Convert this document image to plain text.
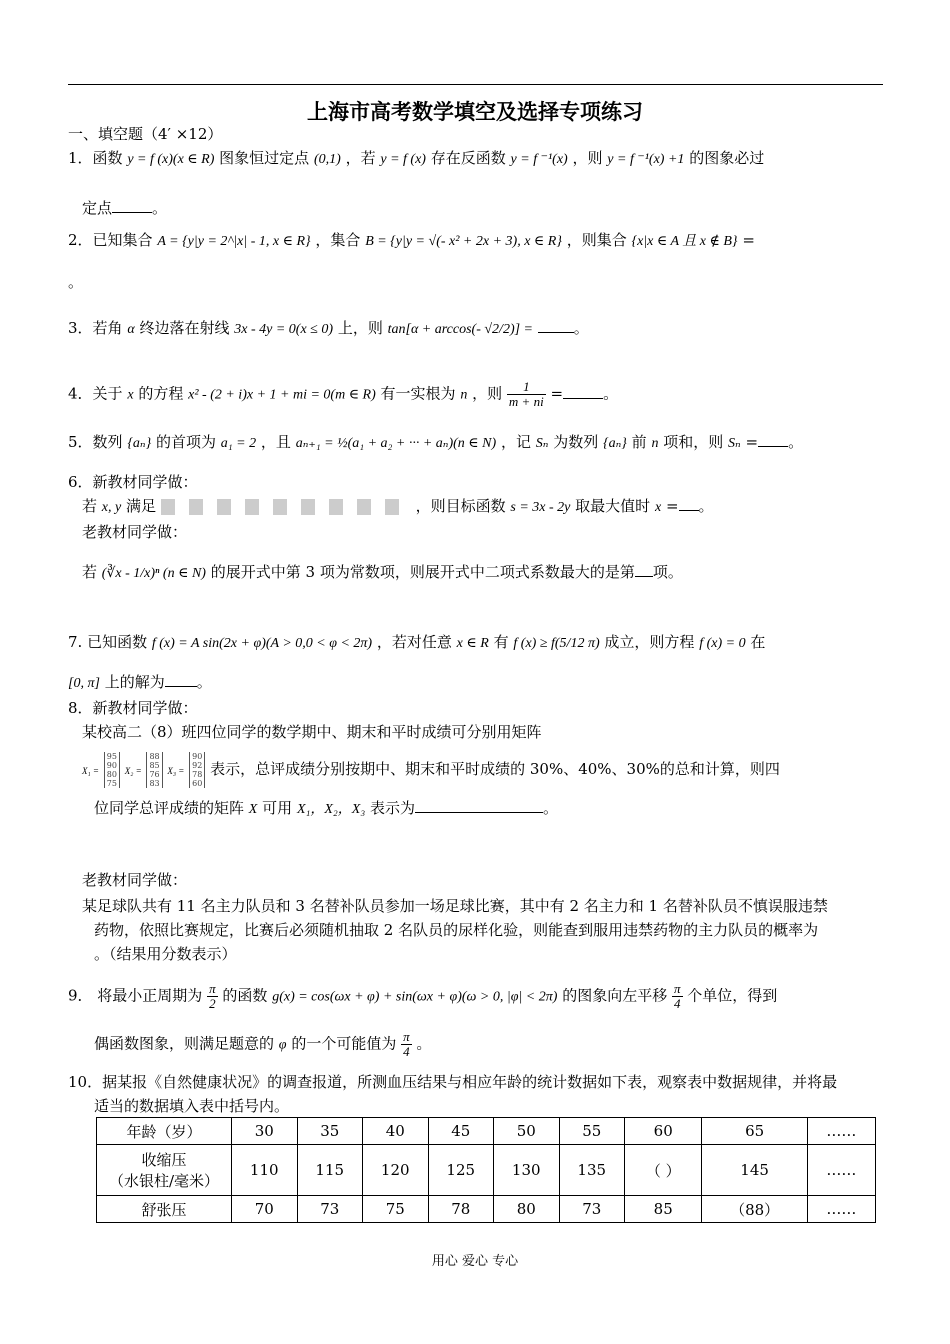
上海市高考数学填空及选择专项练习
一、填空题（4′ ×12）
1．函数 y = f (x)(x ∈ R) 图象恒过定点 (0,1) ，若 y = f (x) 存在反函数 y = f ⁻¹(x) ，则 y = f ⁻¹(x) +1 的图象必过
定点	。
2．已知集合 A = {y|y = 2^|x| - 1, x ∈ R} ，集合 B = {y|y = √(- x² + 2x + 3), x ∈ R} ，则集合 {x|x ∈ A 且 x ∉ B} =
。
3．若角 α 终边落在射线 3x - 4y = 0(x ≤ 0) 上，则 tan[α + arccos(- √2/2)] =	。
4．关于 x 的方程 x² - (2 + i)x + 1 + mi = 0(m ∈ R) 有一实根为 n ，则 $\frac{1}{m + ni}$ =	。
5．数列 {aₙ} 的首项为 a₁ = 2 ，且 aₙ₊₁ = ½(a₁ + a₂ + ··· + aₙ)(n ∈ N) ，记 Sₙ 为数列 {aₙ} 前 n 项和，则 Sₙ = 。
6．新教材同学做：
若 x, y 满足	，则目标函数 s = 3x - 2y 取最大值时 x = 。
老教材同学做：
若 (∛x - 1/x)ⁿ (n ∈ N) 的展开式中第 3 项为常数项，则展开式中二项式系数最大的是第 项。
7. 已知函数 f (x) = A sin(2x + φ)(A > 0,0 < φ < 2π) ，若对任意 x ∈ R 有 f (x) ≥ f(5/12 π) 成立，则方程 f (x) = 0 在
[0, π] 上的解为 。
8．新教材同学做：
某校高二（8）班四位同学的数学期中、期末和平时成绩可分别用矩阵
X₁ = 95
90
80
75 X₂ = 88
85
76
83 X₃ = 90
92
78
60 表示，总评成绩分别按期中、期末和平时成绩的 30%、40%、30%的总和计算，则四
位同学总评成绩的矩阵 X 可用 X₁，X₂，X₃ 表示为	。
老教材同学做：
某足球队共有 11 名主力队员和 3 名替补队员参加一场足球比赛，其中有 2 名主力和 1 名替补队员不慎误服违禁
药物，依照比赛规定，比赛后必须随机抽取 2 名队员的尿样化验，则能查到服用违禁药物的主力队员的概率为
。（结果用分数表示）
9． 将最小正周期为 $\frac{\pi}{2}$ 的函数 g(x) = cos(ωx + φ) + sin(ωx + φ)(ω > 0, |φ| < 2π) 的图象向左平移 $\frac{\pi}{4}$ 个单位，得到
偶函数图象，则满足题意的 φ 的一个可能值为 $\frac{\pi}{4}$ 。
10．据某报《自然健康状况》的调查报道，所测血压结果与相应年龄的统计数据如下表，观察表中数据规律，并将最
适当的数据填入表中括号内。
年龄（岁）	30	35	40	45	50	55	60	65	……
收缩压
（水银柱/毫米）	110	115	120	125	130	135	（ ）	145	……
舒张压	70	73	75	78	80	73	85	（88）	……
用心 爱心 专心
